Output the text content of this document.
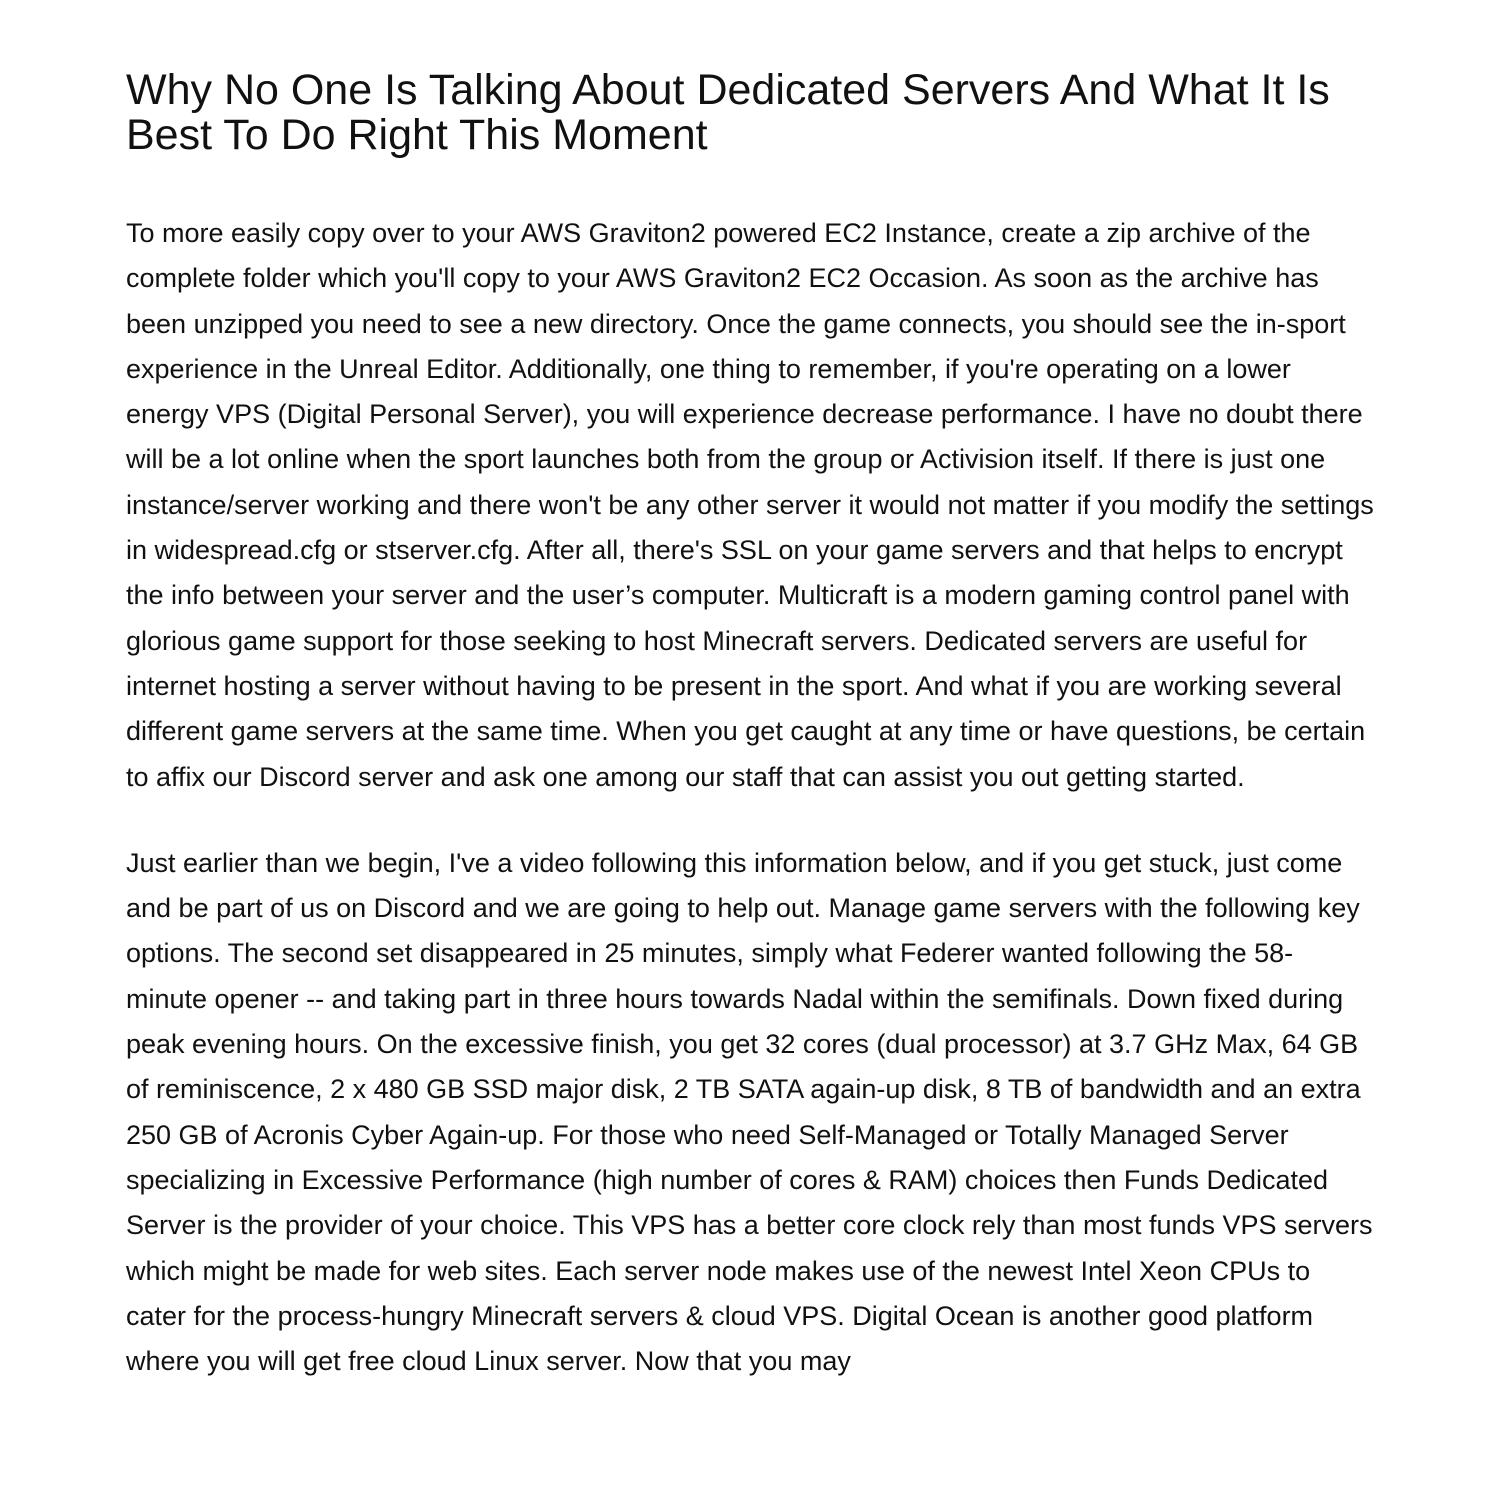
Why No One Is Talking About Dedicated Servers And What It Is Best To Do Right This Moment

To more easily copy over to your AWS Graviton2 powered EC2 Instance, create a zip archive of the complete folder which you'll copy to your AWS Graviton2 EC2 Occasion. As soon as the archive has been unzipped you need to see a new directory. Once the game connects, you should see the in-sport experience in the Unreal Editor. Additionally, one thing to remember, if you're operating on a lower energy VPS (Digital Personal Server), you will experience decrease performance. I have no doubt there will be a lot online when the sport launches both from the group or Activision itself. If there is just one instance/server working and there won't be any other server it would not matter if you modify the settings in widespread.cfg or stserver.cfg. After all, there's SSL on your game servers and that helps to encrypt the info between your server and the user’s computer. Multicraft is a modern gaming control panel with glorious game support for those seeking to host Minecraft servers. Dedicated servers are useful for internet hosting a server without having to be present in the sport. And what if you are working several different game servers at the same time. When you get caught at any time or have questions, be certain to affix our Discord server and ask one among our staff that can assist you out getting started.

Just earlier than we begin, I've a video following this information below, and if you get stuck, just come and be part of us on Discord and we are going to help out. Manage game servers with the following key options. The second set disappeared in 25 minutes, simply what Federer wanted following the 58-minute opener -- and taking part in three hours towards Nadal within the semifinals. Down fixed during peak evening hours. On the excessive finish, you get 32 cores (dual processor) at 3.7 GHz Max, 64 GB of reminiscence, 2 x 480 GB SSD major disk, 2 TB SATA again-up disk, 8 TB of bandwidth and an extra 250 GB of Acronis Cyber Again-up. For those who need Self-Managed or Totally Managed Server specializing in Excessive Performance (high number of cores & RAM) choices then Funds Dedicated Server is the provider of your choice. This VPS has a better core clock rely than most funds VPS servers which might be made for web sites. Each server node makes use of the newest Intel Xeon CPUs to cater for the process-hungry Minecraft servers & cloud VPS. Digital Ocean is another good platform where you will get free cloud Linux server. Now that you may
